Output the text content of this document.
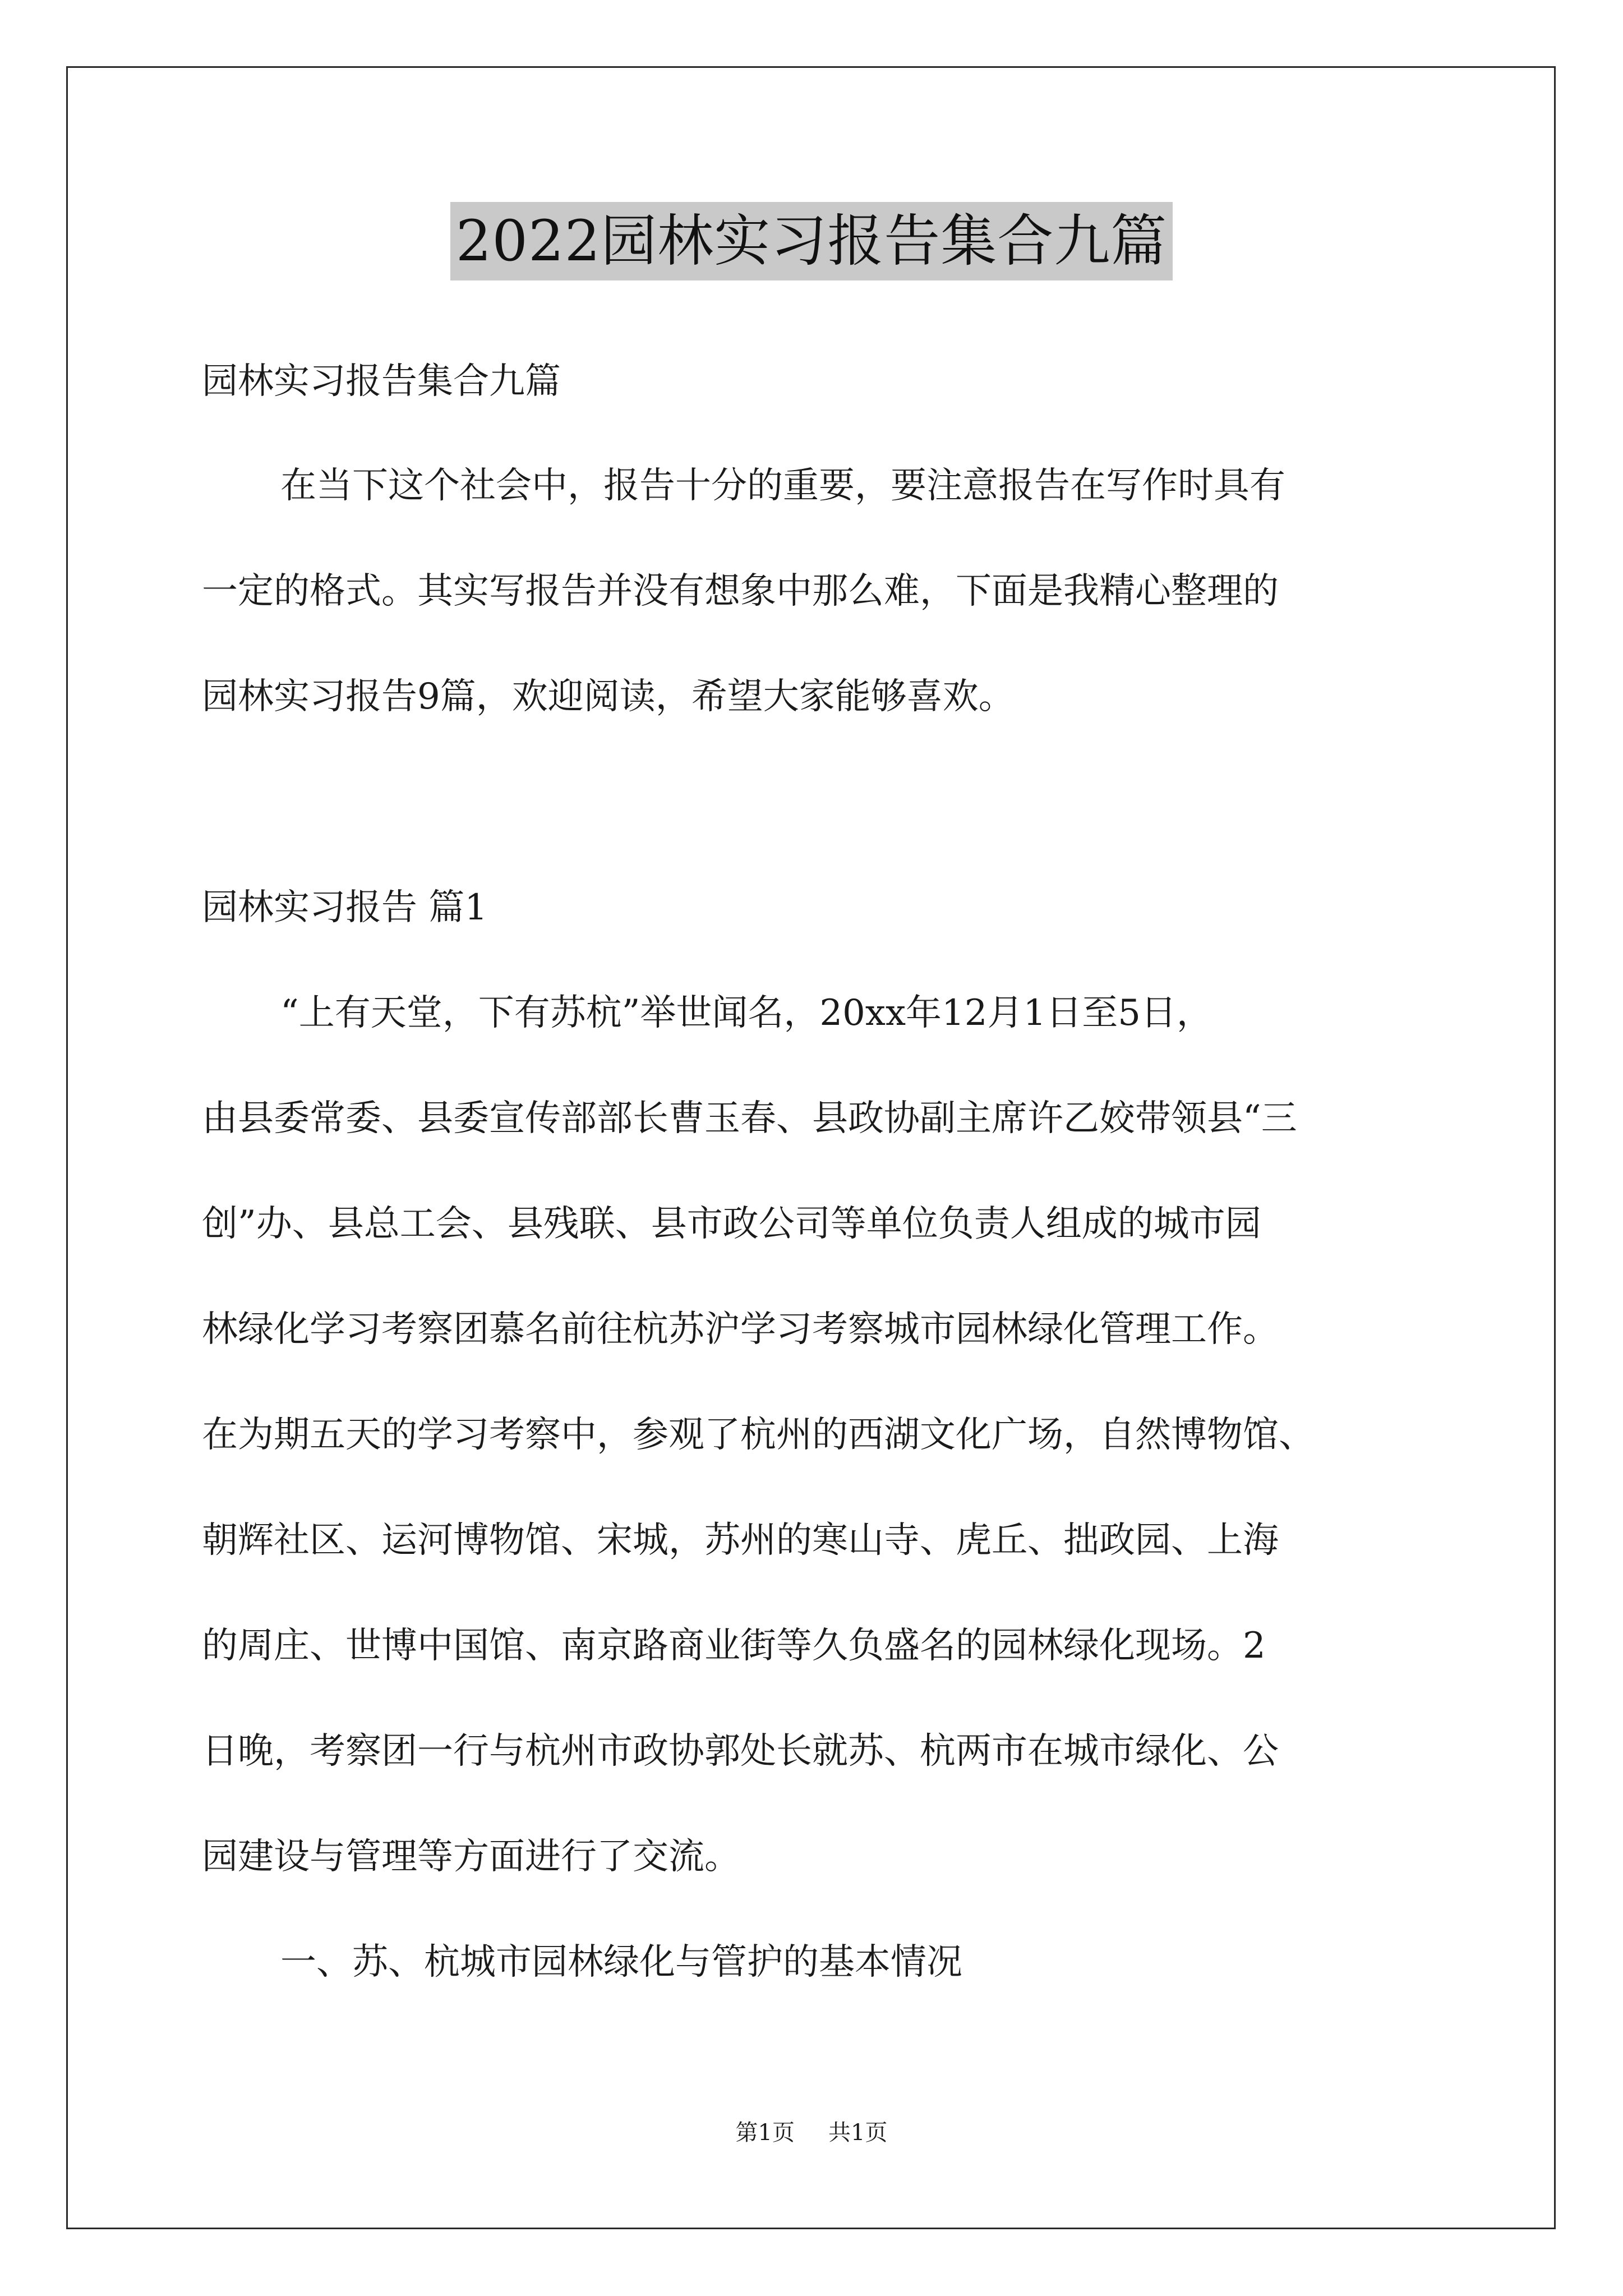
2022园林实习报告集合九篇
园林实习报告集合九篇
在当下这个社会中，报告十分的重要，要注意报告在写作时具有
一定的格式。其实写报告并没有想象中那么难，下面是我精心整理的
园林实习报告9篇，欢迎阅读，希望大家能够喜欢。
园林实习报告 篇1
“上有天堂，下有苏杭”举世闻名，20xx年12月1日至5日，
由县委常委、县委宣传部部长曹玉春、县政协副主席许乙姣带领县“三
创”办、县总工会、县残联、县市政公司等单位负责人组成的城市园
林绿化学习考察团慕名前往杭苏沪学习考察城市园林绿化管理工作。
在为期五天的学习考察中，参观了杭州的西湖文化广场，自然博物馆、
朝辉社区、运河博物馆、宋城，苏州的寒山寺、虎丘、拙政园、上海
的周庄、世博中国馆、南京路商业街等久负盛名的园林绿化现场。2
日晚，考察团一行与杭州市政协郭处长就苏、杭两市在城市绿化、公
园建设与管理等方面进行了交流。
一、苏、杭城市园林绿化与管护的基本情况
第1页 共1页
